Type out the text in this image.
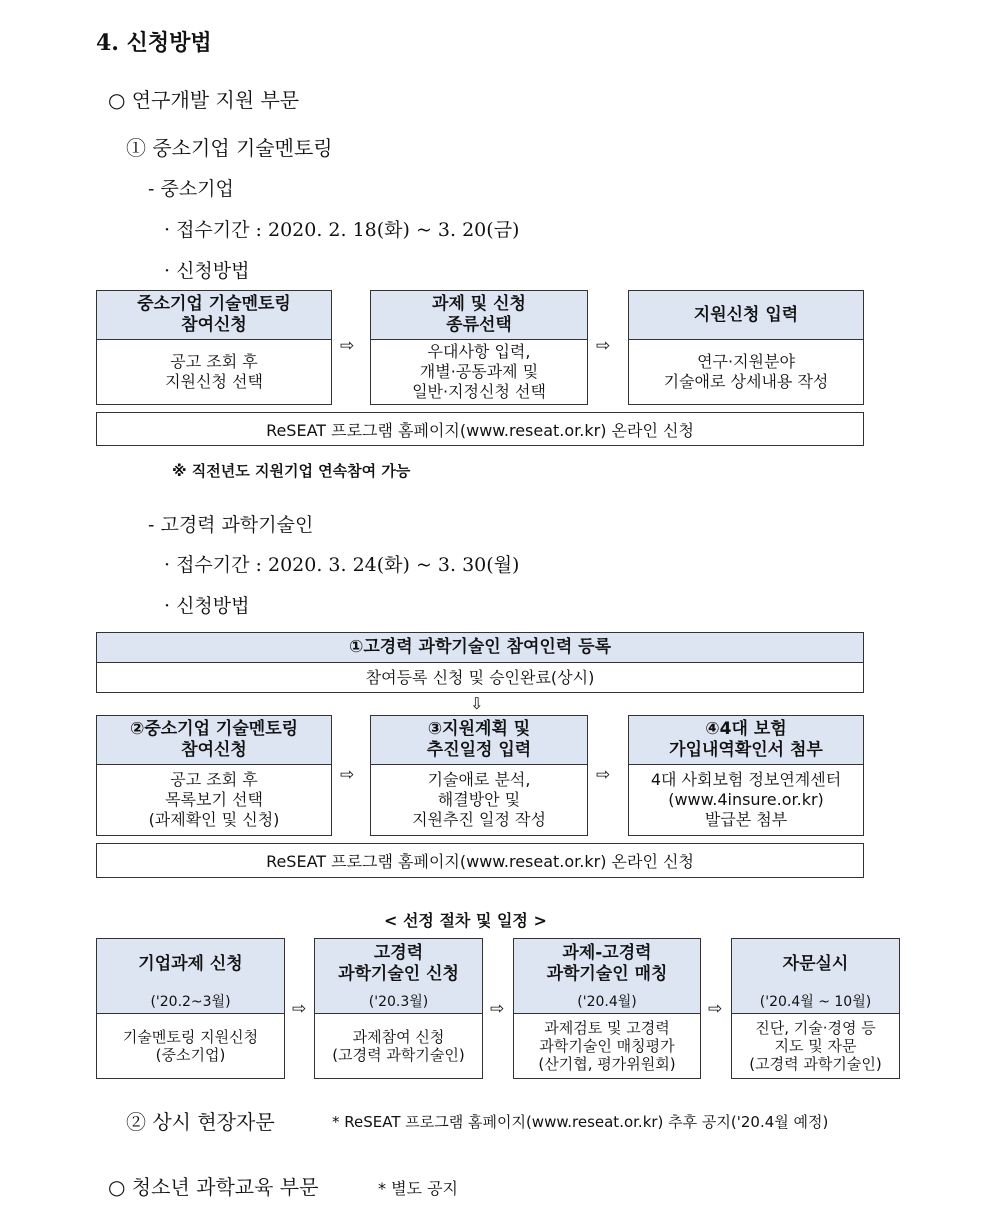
4. 신청방법
○ 연구개발 지원 부문
① 중소기업 기술멘토링
- 중소기업
· 접수기간 : 2020. 2. 18(화) ~ 3. 20(금)
· 신청방법
중소기업 기술멘토링
참여신청
공고 조회 후
지원신청 선택
⇨
과제 및 신청
종류선택
우대사항 입력,
개별·공동과제 및
일반·지정신청 선택
⇨
지원신청 입력
연구·지원분야
기술애로 상세내용 작성
ReSEAT 프로그램 홈페이지(www.reseat.or.kr) 온라인 신청
※ 직전년도 지원기업 연속참여 가능
- 고경력 과학기술인
· 접수기간 : 2020. 3. 24(화) ~ 3. 30(월)
· 신청방법
①고경력 과학기술인 참여인력 등록
참여등록 신청 및 승인완료(상시)
⇩
②중소기업 기술멘토링
참여신청
공고 조회 후
목록보기 선택
(과제확인 및 신청)
⇨
③지원계획 및
추진일정 입력
기술애로 분석,
해결방안 및
지원추진 일정 작성
⇨
④4대 보험
가입내역확인서 첨부
4대 사회보험 정보연계센터
(www.4insure.or.kr)
발급본 첨부
ReSEAT 프로그램 홈페이지(www.reseat.or.kr) 온라인 신청
< 선정 절차 및 일정 >
기업과제 신청
('20.2~3월)
기술멘토링 지원신청
(중소기업)
⇨
고경력
과학기술인 신청
('20.3월)
과제참여 신청
(고경력 과학기술인)
⇨
과제-고경력
과학기술인 매칭
('20.4월)
과제검토 및 고경력
과학기술인 매칭평가
(산기협, 평가위원회)
⇨
자문실시
('20.4월 ~ 10월)
진단, 기술·경영 등
지도 및 자문
(고경력 과학기술인)
② 상시 현장자문	* ReSEAT 프로그램 홈페이지(www.reseat.or.kr) 추후 공지('20.4월 예정)
○ 청소년 과학교육 부문	* 별도 공지
